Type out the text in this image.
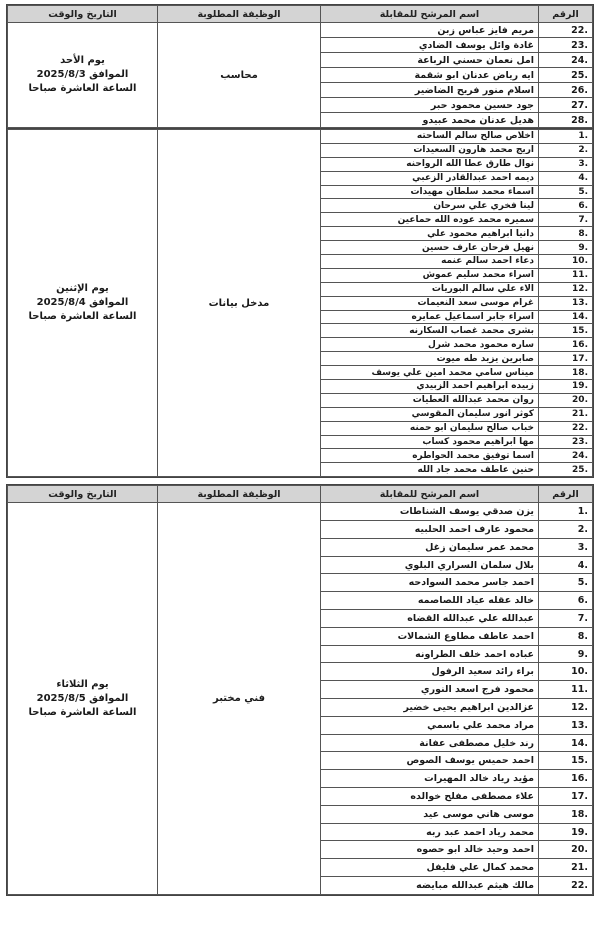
الرقم	اسم المرشح للمقابلة	الوظيفة المطلوبة	التاريخ والوقت
.22	مريم فايز عباس زبن	محاسب	يوم الأحد
الموافق 2025/8/3
الساعة العاشرة صباحا

.23	غادة وائل يوسف الضادي		
.24	امل نعمان حسني الرباعة		
.25	ايه رياض عدنان ابو شقمة		
.26	اسلام منور فريح الضاضير		
.27	جود حسين محمود حبر		
.28	هديل عدنان محمد عبيدو		
.1	اخلاص صالح سالم الساحته	مدخل بيانات	يوم الإثنين
الموافق 2025/8/4
الساعة العاشرة صباحا

.2	اريج محمد هارون السعيدات		
.3	نوال طارق عطا الله الرواحنه		
.4	ديمه احمد عبدالقادر الزعبي		
.5	اسماء محمد سلطان مهيدات		
.6	لينا فخري علي سرحان		
.7	سميره محمد عوده الله حماعين		
.8	دانيا ابراهيم محمود علي		
.9	نهيل فرحان عارف حسين		
.10	دعاء احمد سالم عنمه		
.11	اسراء محمد سليم عموش		
.12	الاء علي سالم البوريات		
.13	غرام موسى سعد النعيمات		
.14	اسراء جابر اسماعيل عمايره		
.15	بشرى محمد غصاب السكارنه		
.16	ساره محمود محمد شرل		
.17	صابرين يزيد طه ميوت		
.18	ميناس سامي محمد امين علي يوسف		
.19	زبيده ابراهيم احمد الزبيدي		
.20	روان محمد عبدالله العطيات		
.21	كوثر انور سليمان المقوسي		
.22	خباب صالح سليمان ابو حمنه		
.23	مها ابراهيم محمود كساب		
.24	اسما توفيق محمد الحواطره		
.25	حنين عاطف محمد جاد الله		
الرقم	اسم المرشح للمقابلة	الوظيفة المطلوبة	التاريخ والوقت
.1	يزن صدقي يوسف الشناطات	فني مختبر	يوم الثلاثاء
الموافق 2025/8/5
الساعة العاشرة صباحا

.2	محمود عارف احمد الحلبيه		
.3	محمد عمر سليمان زغل		
.4	بلال سلمان السراري البلوي		
.5	احمد جاسر محمد السوادحه		
.6	خالد عقله عياد اللصاصمه		
.7	عبدالله علي عبدالله القضاه		
.8	احمد عاطف مطاوع الشمالات		
.9	عباده احمد خلف الطراونه		
.10	براء رائد سعيد الرفول		
.11	محمود فرج اسعد النوري		
.12	عزالدين ابراهيم يحيى خضير		
.13	مراد محمد علي باسمي		
.14	رند خليل مصطفى عفانة		
.15	احمد حميس يوسف الصوص		
.16	مؤيد رياد خالد المهيرات		
.17	علاء مصطفى مفلح خوالده		
.18	موسى هاني موسى عيد		
.19	محمد رياد احمد عبد ربه		
.20	احمد وحيد خالد ابو حصوه		
.21	محمد كمال علي فليفل		
.22	مالك هيثم عبدالله مبايضه		
